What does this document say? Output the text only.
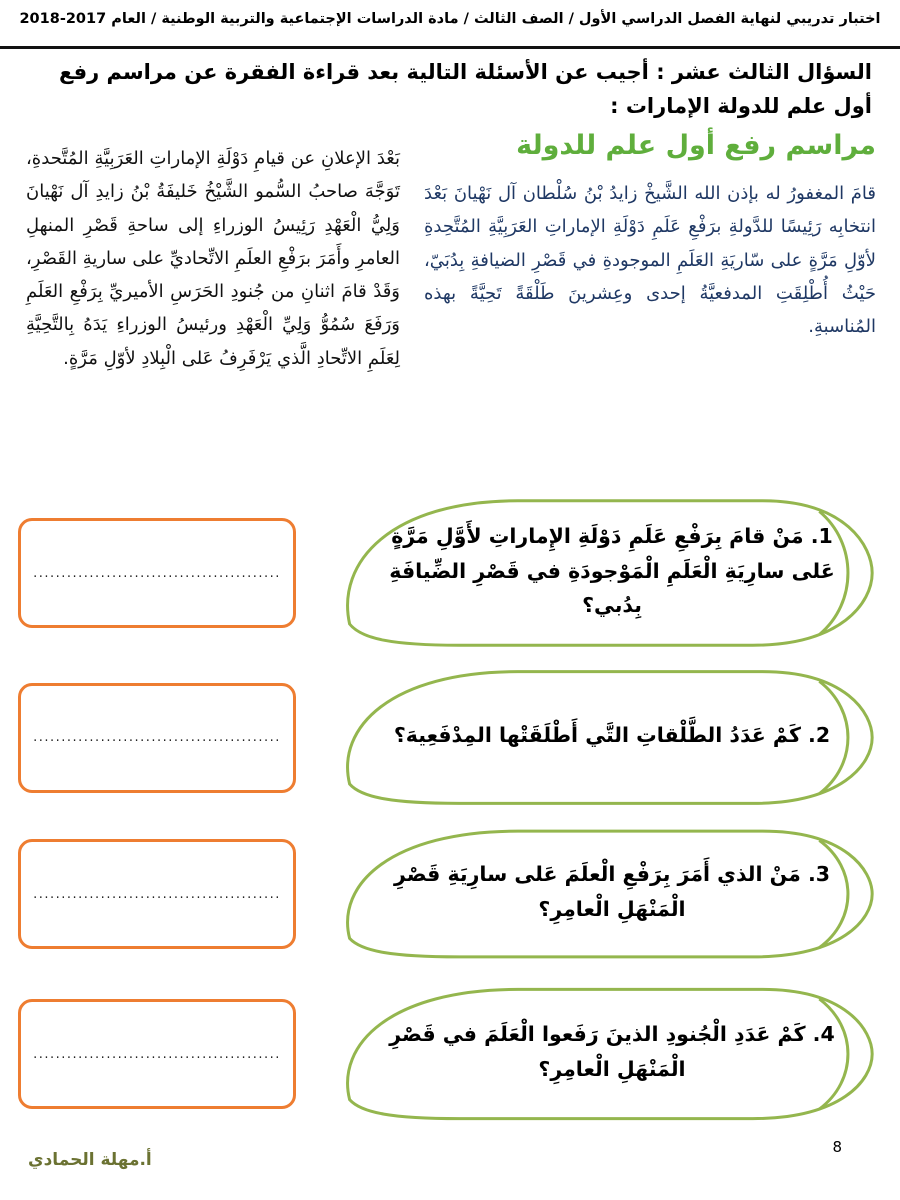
اختبار تدريبي لنهاية الفصل الدراسي الأول / الصف الثالث / مادة الدراسات الإجتماعية والتربية الوطنية / العام 2017-2018
السؤال الثالث عشر : أجيب عن الأسئلة التالية بعد قراءة الفقرة عن مراسم رفع أول علم للدولة الإمارات :
مراسم رفع أول علم للدولة

قامَ المغفورُ له بإذن الله الشَّيخْ زايدُ بْنُ سُلْطان آل نَهْيانَ بَعْدَ انتخابِه رَئِيسًا للدَّولةِ برَفْعِ عَلَمِ دَوْلَةِ الإماراتِ العَرَبِيَّةِ المُتَّحِدةِ لأوّلِ مَرَّةٍ على سّاريَةِ العَلَمِ الموجودةِ في قَصْرِ الضيافةِ بِدُبَيّ، حَيْثُ أُطْلِقَتِ المدفعيَّةُ إحدى وعِشرينَ طَلْقَةً تَحِيَّةً بهذه المُناسبةِ.

بَعْدَ الإعلانِ عن قيامِ دَوْلَةِ الإماراتِ العَرَبِيَّةِ المُتَّحدةِ، تَوَجَّهَ صاحبُ السُّمو الشَّيْخُ خَليفَةُ بْنُ زايدِ آل نَهْيانَ وَلِيُّ الْعَهْدِ رَئِيسُ الوزراءِ إلى ساحةِ قَصْرِ المنهلِ العامرِ وأَمَرَ برَفْعِ العلَمِ الاتِّحاديِّ على ساريةِ القَصْرِ، وَقَدْ قامَ اثنانِ من جُنودِ الحَرَسِ الأميريِّ بِرَفْعِ العَلَمِ وَرَفَعَ سُمُوُّ وَلِيِّ الْعَهْدِ ورئيسُ الوزراءِ يَدَهُ بِالتَّحِيَّةِ لِعَلَمِ الاتِّحادِ الَّذي يَرْفَرِفُ عَلى الْبِلادِ لأوّلِ مَرَّةٍ.

1. مَنْ قامَ بِرَفْعِ عَلَمِ دَوْلَةِ الإِماراتِ لأَوَّلِ مَرَّةٍ عَلى سارِيَةِ الْعَلَمِ الْمَوْجودَةِ في قَصْرِ الضِّيافَةِ بِدُبي؟
............................................
2. كَمْ عَدَدُ الطَّلْقاتِ التَّي أَطْلَقَتْها المِدْفَعِيهَ؟
............................................
3. مَنْ الذي أَمَرَ بِرَفْعِ الْعلَمَ عَلى سارِيَةِ قَصْرِ الْمَنْهَلِ الْعامِرِ؟
............................................
4. كَمْ عَدَدِ الْجُنودِ الذينَ رَفَعوا الْعَلَمَ في قَصْرِ الْمَنْهَلِ الْعامِرِ؟
............................................
أ.مهلة الحمادي
8
